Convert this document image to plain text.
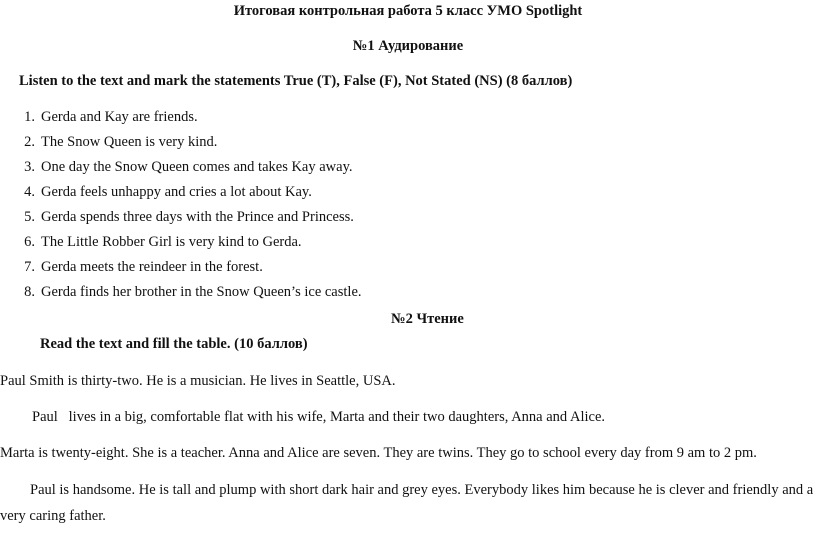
Итоговая контрольная работа 5 класс УМО Spotlight
№1 Аудирование
Listen to the text and mark the statements True (T), False (F), Not Stated (NS) (8 баллов)
1. Gerda and Kay are friends.
2. The Snow Queen is very kind.
3. One day the Snow Queen comes and takes Kay away.
4. Gerda feels unhappy and cries a lot about Kay.
5. Gerda spends three days with the Prince and Princess.
6. The Little Robber Girl is very kind to Gerda.
7. Gerda meets the reindeer in the forest.
8. Gerda finds her brother in the Snow Queen’s ice castle.
№2 Чтение
Read the text and fill the table. (10 баллов)
Paul Smith is thirty-two. He is a musician. He lives in Seattle, USA.
Paul   lives in a big, comfortable flat with his wife, Marta and their two daughters, Anna and Alice.
Marta is twenty-eight. She is a teacher. Anna and Alice are seven. They are twins. They go to school every day from 9 am to 2 pm.
Paul is handsome. He is tall and plump with short dark hair and grey eyes. Everybody likes him because he is clever and friendly and a
very caring father.
